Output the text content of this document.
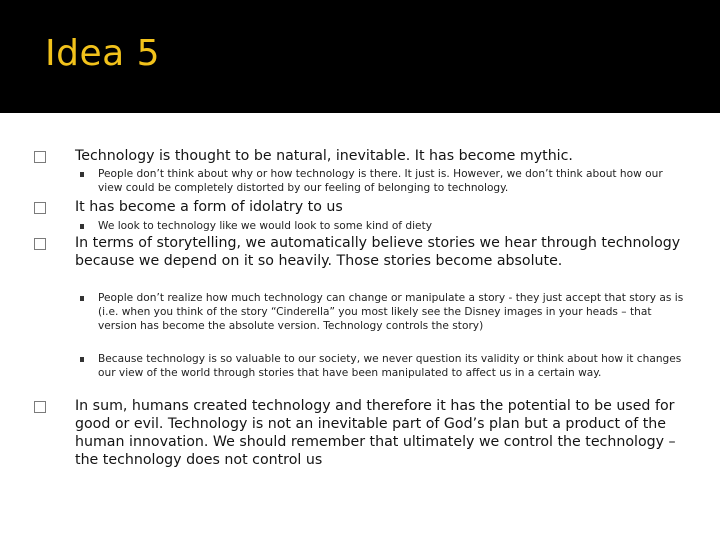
Idea 5
Technology is thought to be natural, inevitable. It has become mythic.
People don’t think about why or how technology is there. It just is. However, we don’t think about how our view could be completely distorted by our feeling of belonging to technology.
It has become a form of idolatry to us
We look to technology like we would look to some kind of diety
In terms of storytelling, we automatically believe stories we hear through technology because we depend on it so heavily. Those stories become absolute.
People don’t realize how much technology can change or manipulate a story - they just accept that story as is (i.e. when you think of the story “Cinderella” you most likely see the Disney images in your heads – that version has become the absolute version. Technology controls the story)
Because technology is so valuable to our society, we never question its validity or think about how it changes our view of the world through stories that have been manipulated to affect us in a certain way.
In sum, humans created technology and therefore it has the potential to be used for good or evil. Technology is not an inevitable part of God’s plan but a product of the human innovation. We should remember that ultimately we control the technology – the technology does not control us
